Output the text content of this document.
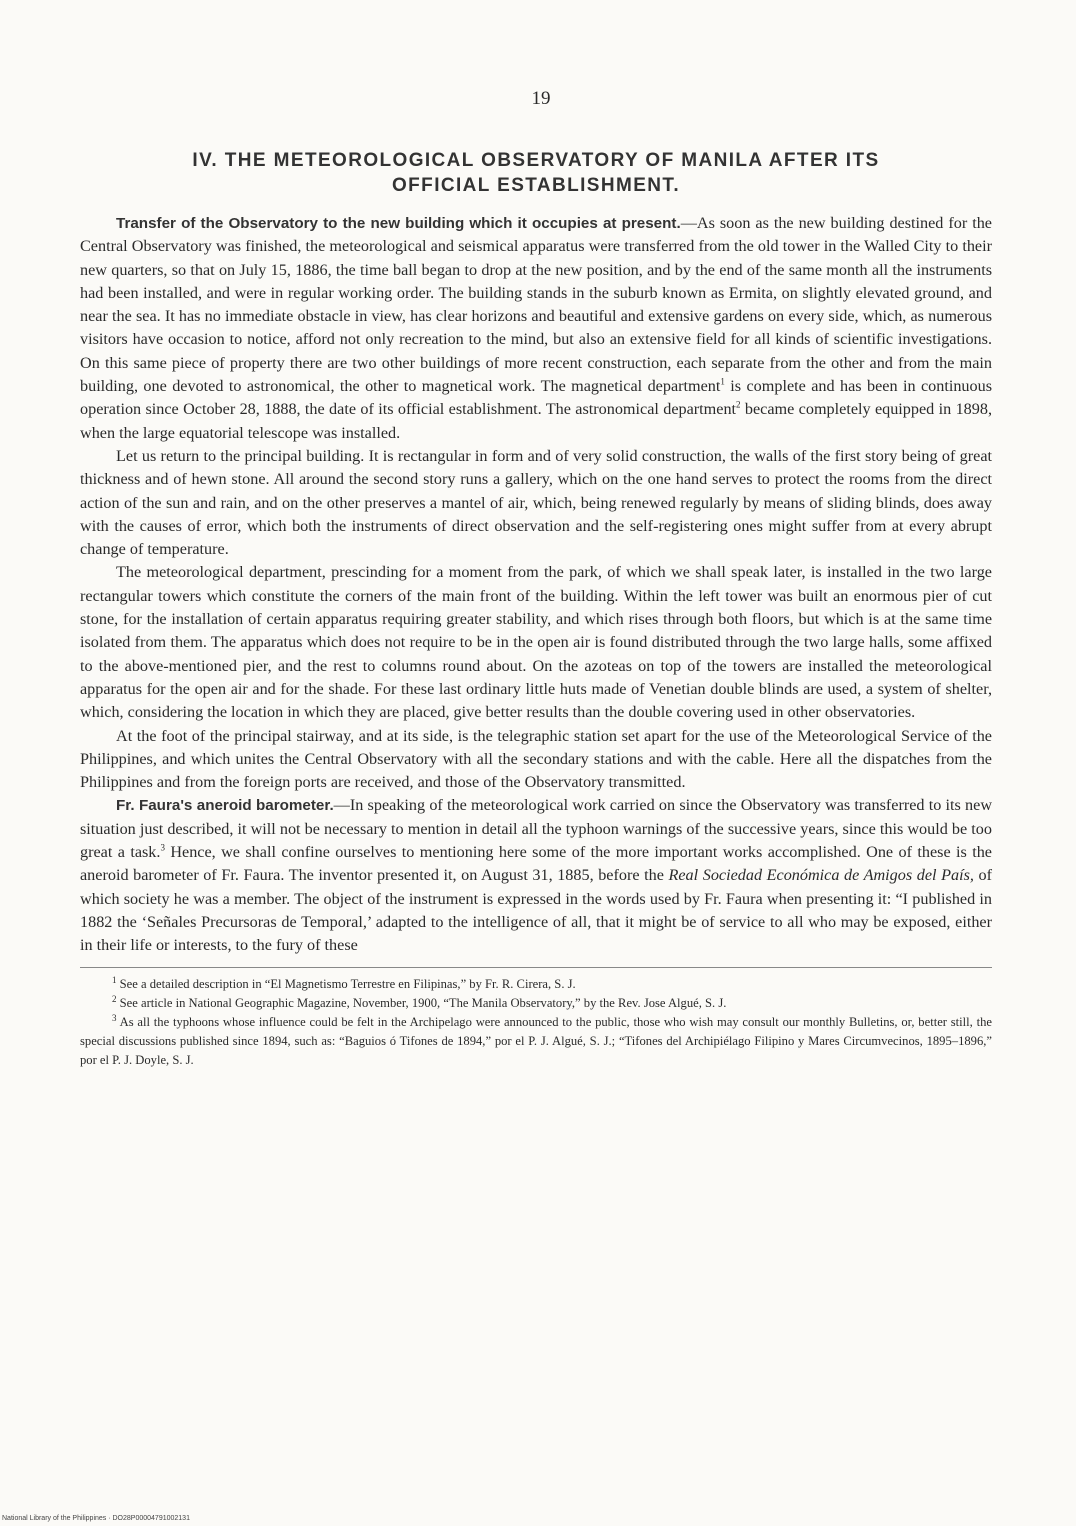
19
IV. THE METEOROLOGICAL OBSERVATORY OF MANILA AFTER ITS
OFFICIAL ESTABLISHMENT.

Transfer of the Observatory to the new building which it occupies at present.—As soon as the new building destined for the Central Observatory was finished, the meteorological and seismical apparatus were transferred from the old tower in the Walled City to their new quarters, so that on July 15, 1886, the time ball began to drop at the new position, and by the end of the same month all the instruments had been installed, and were in regular working order. The building stands in the suburb known as Ermita, on slightly elevated ground, and near the sea. It has no immediate obstacle in view, has clear horizons and beautiful and extensive gardens on every side, which, as numerous visitors have occasion to notice, afford not only recreation to the mind, but also an extensive field for all kinds of scientific investigations. On this same piece of property there are two other buildings of more recent construction, each separate from the other and from the main building, one devoted to astronomical, the other to magnetical work. The magnetical department$^1$ is complete and has been in continuous operation since October 28, 1888, the date of its official establishment. The astronomical department$^2$ became completely equipped in 1898, when the large equatorial telescope was installed.

Let us return to the principal building. It is rectangular in form and of very solid construction, the walls of the first story being of great thickness and of hewn stone. All around the second story runs a gallery, which on the one hand serves to protect the rooms from the direct action of the sun and rain, and on the other preserves a mantel of air, which, being renewed regularly by means of sliding blinds, does away with the causes of error, which both the instruments of direct observation and the self-registering ones might suffer from at every abrupt change of temperature.

The meteorological department, prescinding for a moment from the park, of which we shall speak later, is installed in the two large rectangular towers which constitute the corners of the main front of the building. Within the left tower was built an enormous pier of cut stone, for the installation of certain apparatus requiring greater stability, and which rises through both floors, but which is at the same time isolated from them. The apparatus which does not require to be in the open air is found distributed through the two large halls, some affixed to the above-mentioned pier, and the rest to columns round about. On the azoteas on top of the towers are installed the meteorological apparatus for the open air and for the shade. For these last ordinary little huts made of Venetian double blinds are used, a system of shelter, which, considering the location in which they are placed, give better results than the double covering used in other observatories.

At the foot of the principal stairway, and at its side, is the telegraphic station set apart for the use of the Meteorological Service of the Philippines, and which unites the Central Observatory with all the secondary stations and with the cable. Here all the dispatches from the Philippines and from the foreign ports are received, and those of the Observatory transmitted.

Fr. Faura's aneroid barometer.—In speaking of the meteorological work carried on since the Observatory was transferred to its new situation just described, it will not be necessary to mention in detail all the typhoon warnings of the successive years, since this would be too great a task.$^3$ Hence, we shall confine ourselves to mentioning here some of the more important works accomplished. One of these is the aneroid barometer of Fr. Faura. The inventor presented it, on August 31, 1885, before the Real Sociedad Económica de Amigos del País, of which society he was a member. The object of the instrument is expressed in the words used by Fr. Faura when presenting it: “I published in 1882 the ‘Señales Precursoras de Temporal,’ adapted to the intelligence of all, that it might be of service to all who may be exposed, either in their life or interests, to the fury of these

$^1$ See a detailed description in “El Magnetismo Terrestre en Filipinas,” by Fr. R. Cirera, S. J.

$^2$ See article in National Geographic Magazine, November, 1900, “The Manila Observatory,” by the Rev. Jose Algué, S. J.

$^3$ As all the typhoons whose influence could be felt in the Archipelago were announced to the public, those who wish may consult our monthly Bulletins, or, better still, the special discussions published since 1894, such as: “Baguios ó Tifones de 1894,” por el P. J. Algué, S. J.; “Tifones del Archipiélago Filipino y Mares Circumvecinos, 1895–1896,” por el P. J. Doyle, S. J.

National Library of the Philippines · DO28P00004791002131
